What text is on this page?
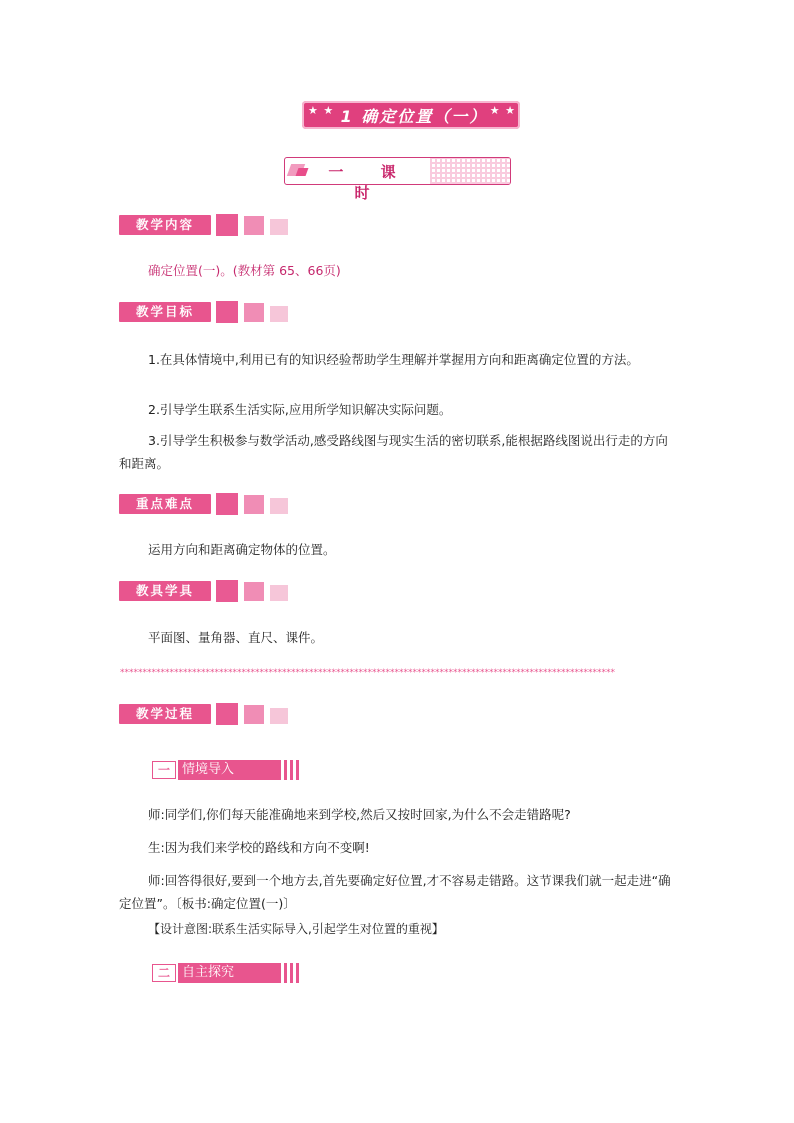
★ ★ 1 确定位置（一） ★ ★
一 课 时
教学内容
确定位置(一)。(教材第 65、66页)
教学目标
1.在具体情境中,利用已有的知识经验帮助学生理解并掌握用方向和距离确定位置的方法。
2.引导学生联系生活实际,应用所学知识解决实际问题。
3.引导学生积极参与数学活动,感受路线图与现实生活的密切联系,能根据路线图说出行走的方向和距离。
重点难点
运用方向和距离确定物体的位置。
教具学具
平面图、量角器、直尺、课件。
**************************************************************************************************************
教学过程
一 情境导入
师:同学们,你们每天能准确地来到学校,然后又按时回家,为什么不会走错路呢?
生:因为我们来学校的路线和方向不变啊!
师:回答得很好,要到一个地方去,首先要确定好位置,才不容易走错路。这节课我们就一起走进“确定位置”。〔板书:确定位置(一)〕
【设计意图:联系生活实际导入,引起学生对位置的重视】
二 自主探究
